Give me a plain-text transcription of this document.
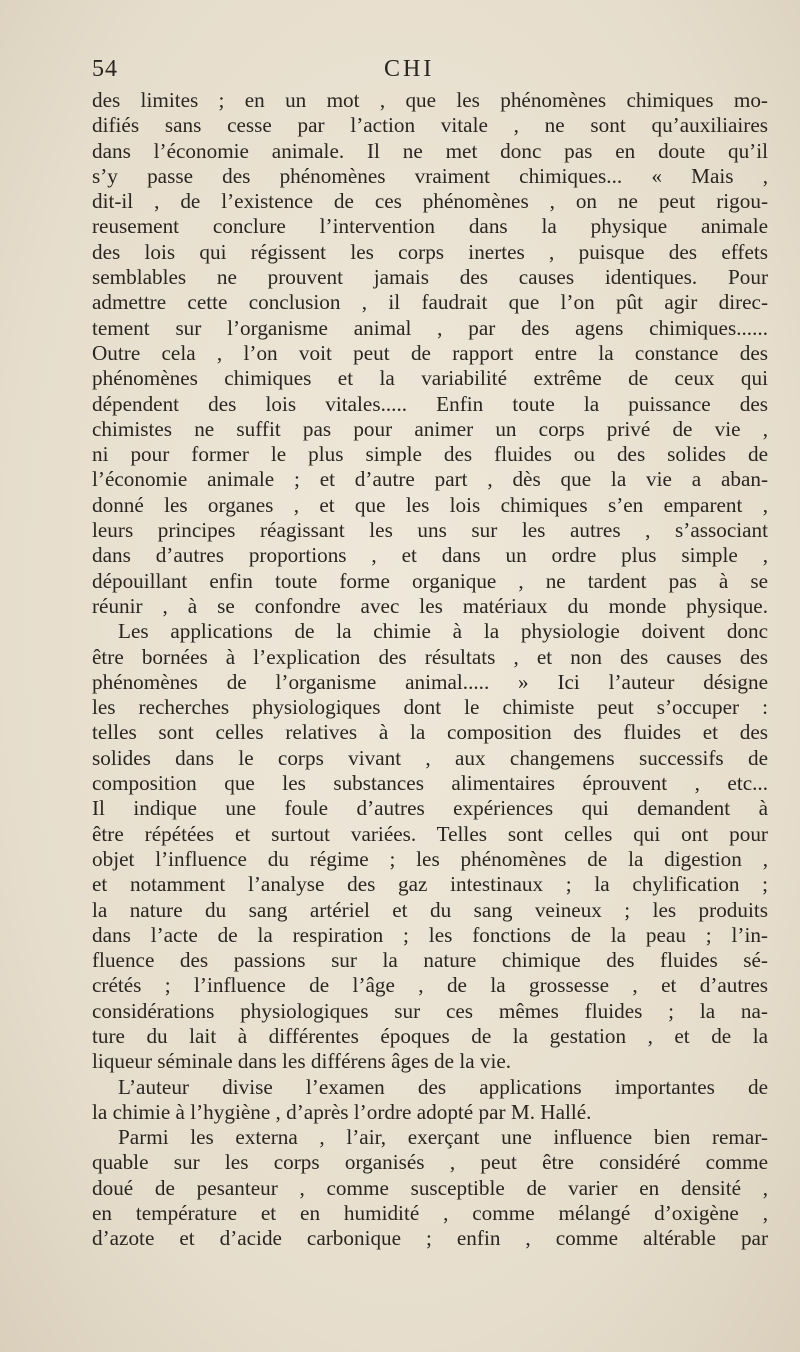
54	CHI
des limites ; en un mot , que les phénomènes chimiques mo-
difiés sans cesse par l’action vitale , ne sont qu’auxiliaires
dans l’économie animale. Il ne met donc pas en doute qu’il
s’y passe des phénomènes vraiment chimiques... « Mais ,
dit-il , de l’existence de ces phénomènes , on ne peut rigou-
reusement conclure l’intervention dans la physique animale
des lois qui régissent les corps inertes , puisque des effets
semblables ne prouvent jamais des causes identiques. Pour
admettre cette conclusion , il faudrait que l’on pût agir direc-
tement sur l’organisme animal , par des agens chimiques......
Outre cela , l’on voit peut de rapport entre la constance des
phénomènes chimiques et la variabilité extrême de ceux qui
dépendent des lois vitales..... Enfin toute la puissance des
chimistes ne suffit pas pour animer un corps privé de vie ,
ni pour former le plus simple des fluides ou des solides de
l’économie animale ; et d’autre part , dès que la vie a aban-
donné les organes , et que les lois chimiques s’en emparent ,
leurs principes réagissant les uns sur les autres , s’associant
dans d’autres proportions , et dans un ordre plus simple ,
dépouillant enfin toute forme organique , ne tardent pas à se
réunir , à se confondre avec les matériaux du monde physique.
Les applications de la chimie à la physiologie doivent donc
être bornées à l’explication des résultats , et non des causes des
phénomènes de l’organisme animal..... » Ici l’auteur désigne
les recherches physiologiques dont le chimiste peut s’occuper :
telles sont celles relatives à la composition des fluides et des
solides dans le corps vivant , aux changemens successifs de
composition que les substances alimentaires éprouvent , etc...
Il indique une foule d’autres expériences qui demandent à
être répétées et surtout variées. Telles sont celles qui ont pour
objet l’influence du régime ; les phénomènes de la digestion ,
et notamment l’analyse des gaz intestinaux ; la chylification ;
la nature du sang artériel et du sang veineux ; les produits
dans l’acte de la respiration ; les fonctions de la peau ; l’in-
fluence des passions sur la nature chimique des fluides sé-
crétés ; l’influence de l’âge , de la grossesse , et d’autres
considérations physiologiques sur ces mêmes fluides ; la na-
ture du lait à différentes époques de la gestation , et de la
liqueur séminale dans les différens âges de la vie.
L’auteur divise l’examen des applications importantes de
la chimie à l’hygiène , d’après l’ordre adopté par M. Hallé.
Parmi les externa , l’air, exerçant une influence bien remar-
quable sur les corps organisés , peut être considéré comme
doué de pesanteur , comme susceptible de varier en densité ,
en température et en humidité , comme mélangé d’oxigène ,
d’azote et d’acide carbonique ; enfin , comme altérable par
